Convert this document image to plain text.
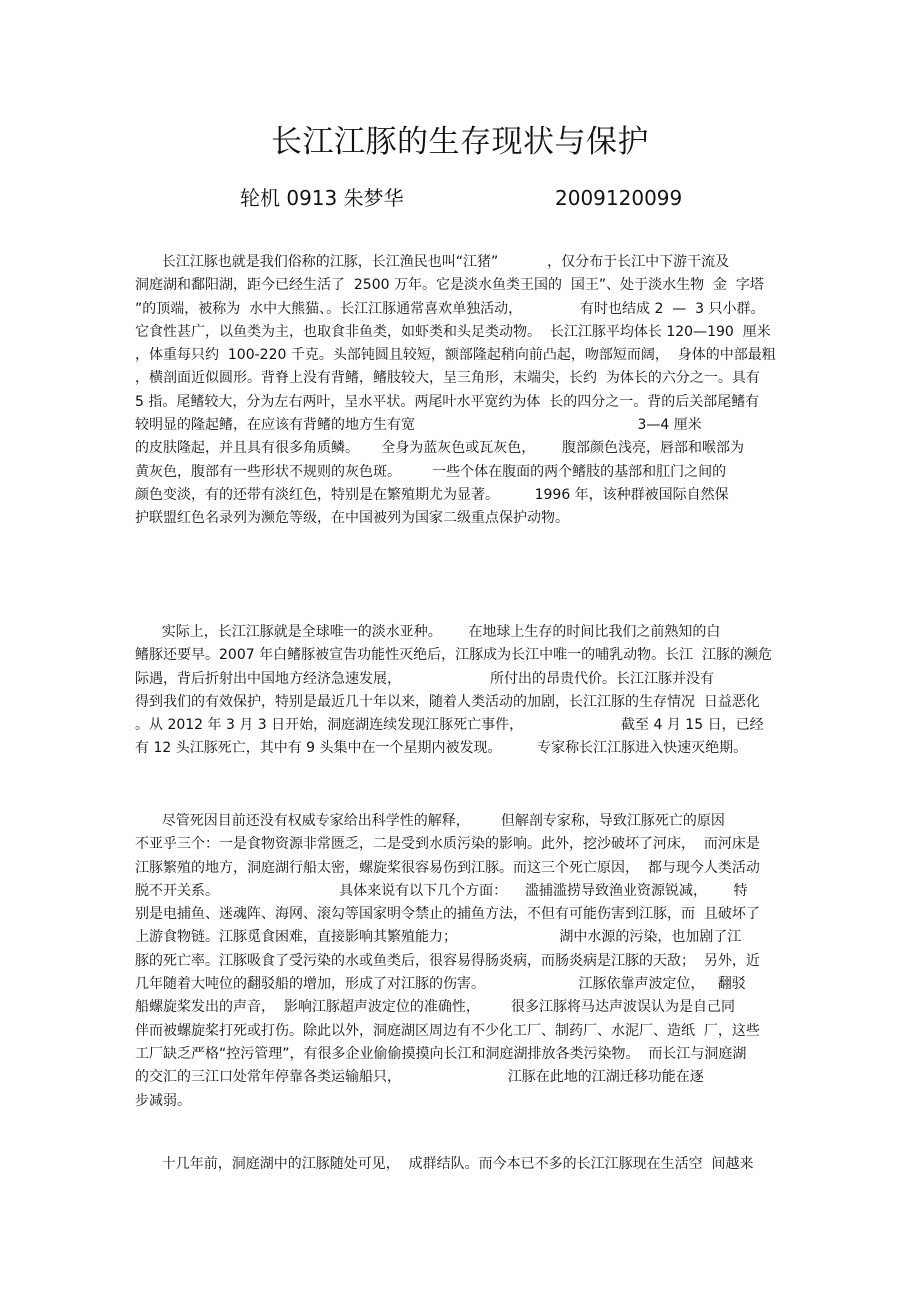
长江江豚的生存现状与保护
轮机 0913 朱梦华	2009120099
长江江豚也就是我们俗称的江豚，长江渔民也叫“江猪”           ，仅分布于长江中下游干流及
洞庭湖和鄱阳湖，距今已经生活了  2500 万年。它是淡水鱼类王国的  国王”、处于淡水生物  金  字塔
”的顶端，被称为  水中大熊猫、。长江江豚通常喜欢单独活动，             有时也结成 2  —  3 只小群。
它食性甚广，以鱼类为主，也取食非鱼类，如虾类和头足类动物。  长江江豚平均体长 120—190  厘米
，体重每只约  100-220 千克。头部钝圆且较短，额部隆起稍向前凸起，吻部短而阔，  身体的中部最粗
，横剖面近似圆形。背脊上没有背鳍，鳍肢较大，呈三角形，末端尖，长约  为体长的六分之一。具有
5 指。尾鳍较大，分为左右两叶，呈水平状。两尾叶水平宽约为体  长的四分之一。背的后关部尾鳍有
较明显的隆起鳍，在应该有背鳍的地方生有宽                                                  3—4 厘米
的皮肤隆起，并且具有很多角质鳞。     全身为蓝灰色或瓦灰色，      腹部颜色浅亮，唇部和喉部为
黄灰色，腹部有一些形状不规则的灰色斑。       一些个体在腹面的两个鳍肢的基部和肛门之间的
颜色变淡，有的还带有淡红色，特别是在繁殖期尤为显著。        1996 年，该种群被国际自然保
护联盟红色名录列为濒危等级，在中国被列为国家二级重点保护动物。
实际上，长江江豚就是全球唯一的淡水亚种。      在地球上生存的时间比我们之前熟知的白
鳍豚还要早。2007 年白鳍豚被宣告功能性灭绝后，江豚成为长江中唯一的哺乳动物。长江  江豚的濒危
际遇，背后折射出中国地方经济急速发展，                    所付出的昂贵代价。长江江豚并没有
得到我们的有效保护，特别是最近几十年以来，随着人类活动的加剧，长江江豚的生存情况  日益恶化
。从 2012 年 3 月 3 日开始，洞庭湖连续发现江豚死亡事件，                      截至 4 月 15 日，已经
有 12 头江豚死亡，其中有 9 头集中在一个星期内被发现。        专家称长江江豚进入快速灭绝期。
尽管死因目前还没有权威专家给出科学性的解释，       但解剖专家称，导致江豚死亡的原因
不亚乎三个：一是食物资源非常匮乏，二是受到水质污染的影响。此外，挖沙破坏了河床，  而河床是
江豚繁殖的地方，洞庭湖行船太密，螺旋桨很容易伤到江豚。而这三个死亡原因，  都与现今人类活动
脱不开关系。                           具体来说有以下几个方面：    滥捕滥捞导致渔业资源锐减，      特
别是电捕鱼、迷魂阵、海网、滚勾等国家明令禁止的捕鱼方法，不但有可能伤害到江豚，而  且破坏了
上游食物链。江豚觅食困难，直接影响其繁殖能力；                       湖中水源的污染，也加剧了江
豚的死亡率。江豚吸食了受污染的水或鱼类后，很容易得肠炎病，而肠炎病是江豚的天敌；  另外，近
几年随着大吨位的翻驳船的增加，形成了对江豚的伤害。                     江豚依靠声波定位，   翻驳
船螺旋桨发出的声音，  影响江豚超声波定位的准确性，       很多江豚将马达声波误认为是自己同
伴而被螺旋桨打死或打伤。除此以外，洞庭湖区周边有不少化工厂、制药厂、水泥厂、造纸  厂，这些
工厂缺乏严格“控污管理”，有很多企业偷偷摸摸向长江和洞庭湖排放各类污染物。  而长江与洞庭湖
的交汇的三江口处常年停靠各类运输船只，                        江豚在此地的江湖迁移功能在逐
步减弱。
十几年前，洞庭湖中的江豚随处可见，  成群结队。而今本已不多的长江江豚现在生活空  间越来
